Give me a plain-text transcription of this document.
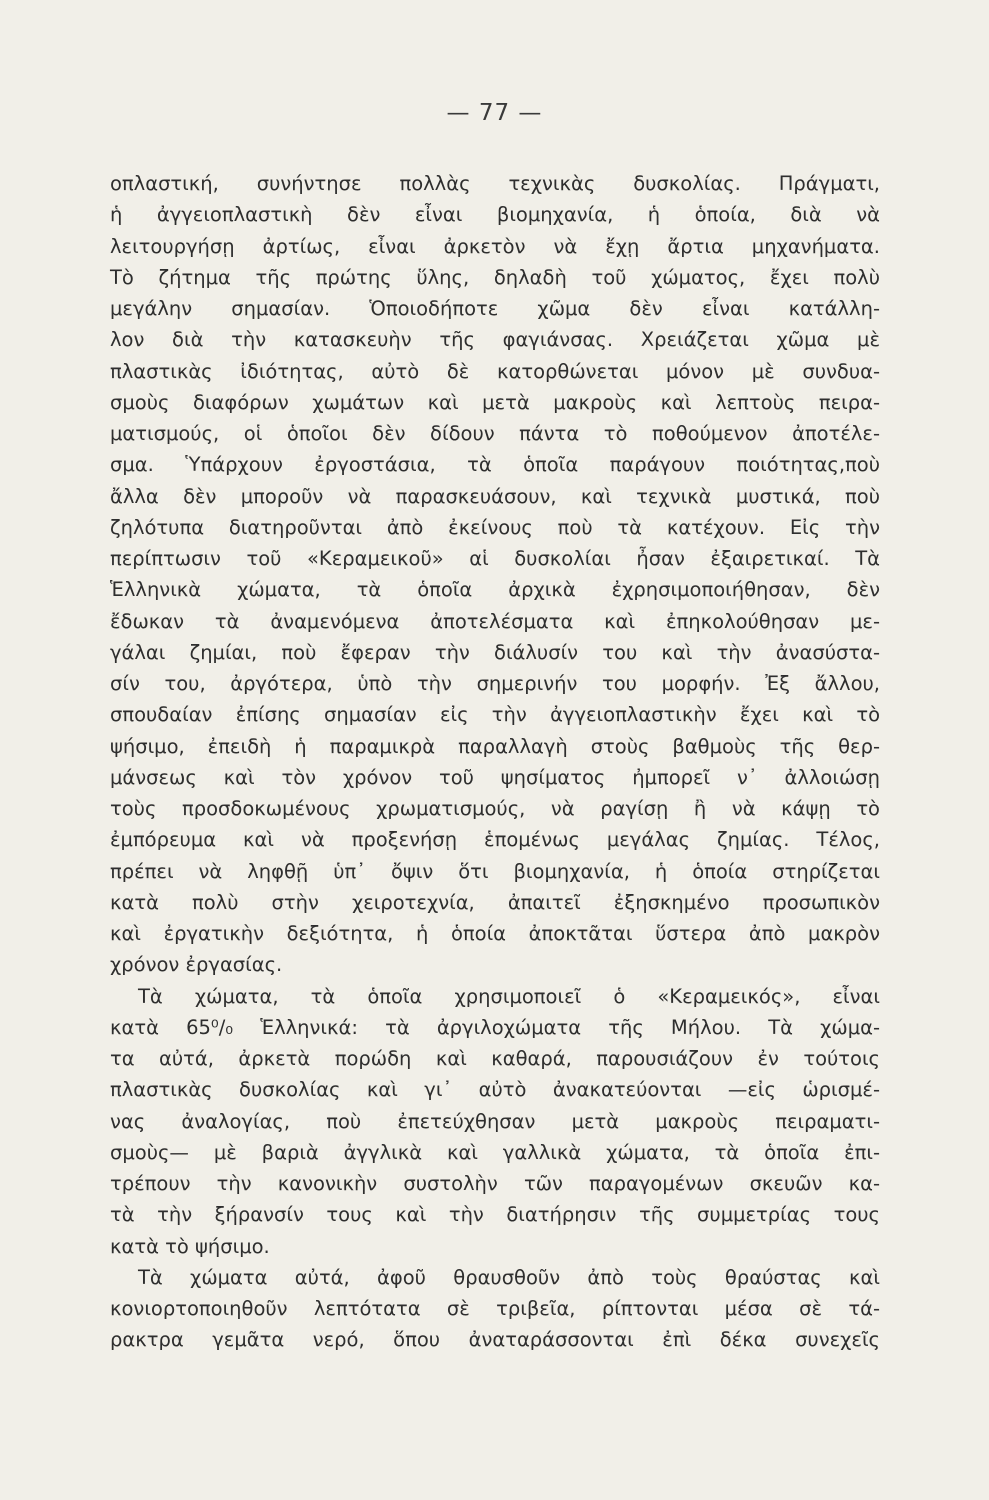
— 77 —
οπλαστική, συνήντησε πολλὰς τεχνικὰς δυσκολίας. Πράγματι,
ἡ ἀγγειοπλαστικὴ δὲν εἶναι βιομηχανία, ἡ ὁποία, διὰ νὰ
λειτουργήσῃ ἀρτίως, εἶναι ἀρκετὸν νὰ ἔχῃ ἄρτια μηχανήματα.
Τὸ ζήτημα τῆς πρώτης ὕλης, δηλαδὴ τοῦ χώματος, ἔχει πολὺ
μεγάλην σημασίαν. Ὁποιοδήποτε χῶμα δὲν εἶναι κατάλλη-
λον διὰ τὴν κατασκευὴν τῆς φαγιάνσας. Χρειάζεται χῶμα μὲ
πλαστικὰς ἰδιότητας, αὐτὸ δὲ κατορθώνεται μόνον μὲ συνδυα-
σμοὺς διαφόρων χωμάτων καὶ μετὰ μακροὺς καὶ λεπτοὺς πειρα-
ματισμούς, οἱ ὁποῖοι δὲν δίδουν πάντα τὸ ποθούμενον ἀποτέλε-
σμα. Ὑπάρχουν ἐργοστάσια, τὰ ὁποῖα παράγουν ποιότητας,ποὺ
ἄλλα δὲν μποροῦν νὰ παρασκευάσουν, καὶ τεχνικὰ μυστικά, ποὺ
ζηλότυπα διατηροῦνται ἀπὸ ἐκείνους ποὺ τὰ κατέχουν. Εἰς τὴν
περίπτωσιν τοῦ «Κεραμεικοῦ» αἱ δυσκολίαι ἦσαν ἐξαιρετικαί. Τὰ
Ἑλληνικὰ χώματα, τὰ ὁποῖα ἀρχικὰ ἐχρησιμοποιήθησαν, δὲν
ἔδωκαν τὰ ἀναμενόμενα ἀποτελέσματα καὶ ἐπηκολούθησαν με-
γάλαι ζημίαι, ποὺ ἔφεραν τὴν διάλυσίν του καὶ τὴν ἀνασύστα-
σίν του, ἀργότερα, ὑπὸ τὴν σημερινήν του μορφήν. Ἐξ ἄλλου,
σπουδαίαν ἐπίσης σημασίαν εἰς τὴν ἀγγειοπλαστικὴν ἔχει καὶ τὸ
ψήσιμο, ἐπειδὴ ἡ παραμικρὰ παραλλαγὴ στοὺς βαθμοὺς τῆς θερ-
μάνσεως καὶ τὸν χρόνον τοῦ ψησίματος ἠμπορεῖ ν᾽ ἀλλοιώσῃ
τοὺς προσδοκωμένους χρωματισμούς, νὰ ραγίσῃ ἢ νὰ κάψῃ τὸ
ἐμπόρευμα καὶ νὰ προξενήσῃ ἑπομένως μεγάλας ζημίας. Τέλος,
πρέπει νὰ ληφθῇ ὑπ᾽ ὄψιν ὅτι βιομηχανία, ἡ ὁποία στηρίζεται
κατὰ πολὺ στὴν χειροτεχνία, ἀπαιτεῖ ἐξησκημένο προσωπικὸν
καὶ ἐργατικὴν δεξιότητα, ἡ ὁποία ἀποκτᾶται ὕστερα ἀπὸ μακρὸν
χρόνον ἐργασίας.
Τὰ χώματα, τὰ ὁποῖα χρησιμοποιεῖ ὁ «Κεραμεικός», εἶναι
κατὰ 65⁰/₀ Ἑλληνικά: τὰ ἀργιλοχώματα τῆς Μήλου. Τὰ χώμα-
τα αὐτά, ἀρκετὰ πορώδη καὶ καθαρά, παρουσιάζουν ἐν τούτοις
πλαστικὰς δυσκολίας καὶ γι᾽ αὐτὸ ἀνακατεύονται —εἰς ὡρισμέ-
νας ἀναλογίας, ποὺ ἐπετεύχθησαν μετὰ μακροὺς πειραματι-
σμοὺς— μὲ βαριὰ ἀγγλικὰ καὶ γαλλικὰ χώματα, τὰ ὁποῖα ἐπι-
τρέπουν τὴν κανονικὴν συστολὴν τῶν παραγομένων σκευῶν κα-
τὰ τὴν ξήρανσίν τους καὶ τὴν διατήρησιν τῆς συμμετρίας τους
κατὰ τὸ ψήσιμο.
Τὰ χώματα αὐτά, ἀφοῦ θραυσθοῦν ἀπὸ τοὺς θραύστας καὶ
κονιορτοποιηθοῦν λεπτότατα σὲ τριβεῖα, ρίπτονται μέσα σὲ τά-
ρακτρα γεμᾶτα νερό, ὅπου ἀναταράσσονται ἐπὶ δέκα συνεχεῖς
